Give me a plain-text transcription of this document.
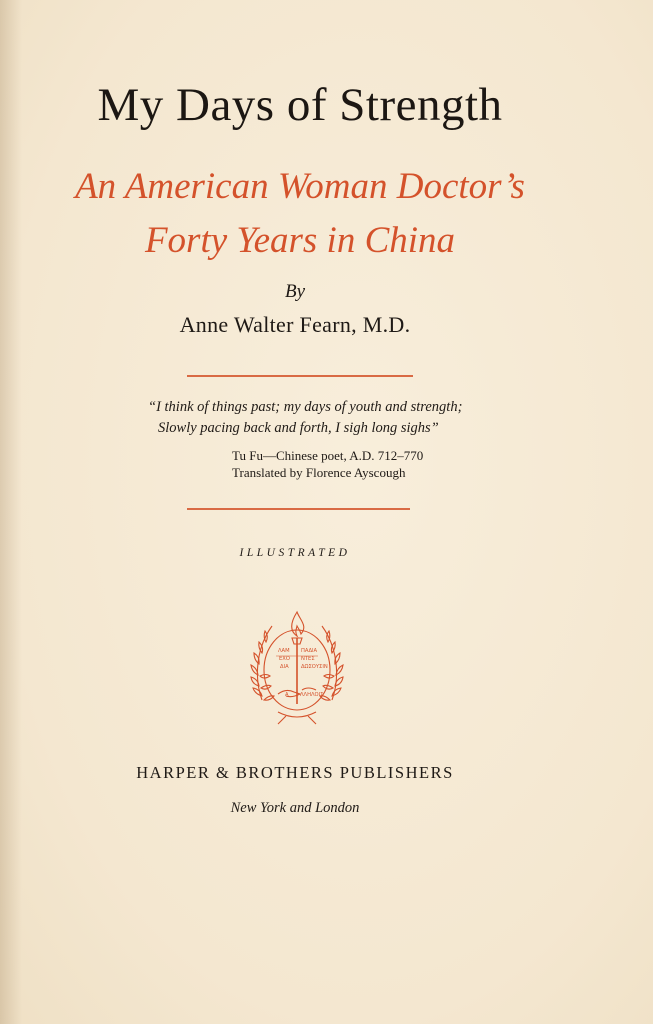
My Days of Strength
An American Woman Doctor’s
Forty Years in China
By
Anne Walter Fearn, M.D.
“I think of things past; my days of youth and strength;
Slowly pacing back and forth, I sigh long sighs”
Tu Fu—Chinese poet, A.D. 712–770
Translated by Florence Ayscough
ILLUSTRATED
ΛΑΜ
ΕΧΟ
ΔΙΑ
ΠΑΔΙΑ
ΝΤΕΣ
ΔΩΣΟΥΣΙΝ
Α ΛΛΗΛΟΙΣ
HARPER & BROTHERS PUBLISHERS
New York and London
